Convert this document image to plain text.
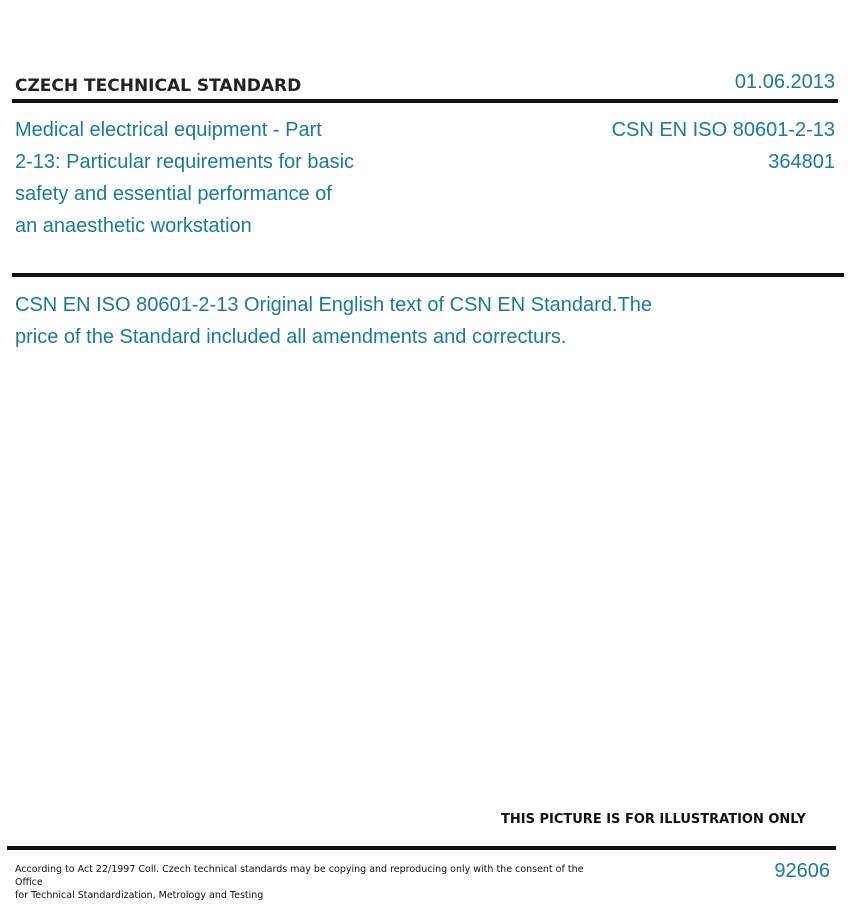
CZECH TECHNICAL STANDARD	01.06.2013
Medical electrical equipment - Part
2-13: Particular requirements for basic
safety and essential performance of
an anaesthetic workstation
CSN EN ISO 80601-2-13
364801
CSN EN ISO 80601-2-13 Original English text of CSN EN Standard.The
price of the Standard included all amendments and correcturs.
THIS PICTURE IS FOR ILLUSTRATION ONLY
According to Act 22/1997 Coll. Czech technical standards may be copying and reproducing only with the consent of the Office
for Technical Standardization, Metrology and Testing
92606
